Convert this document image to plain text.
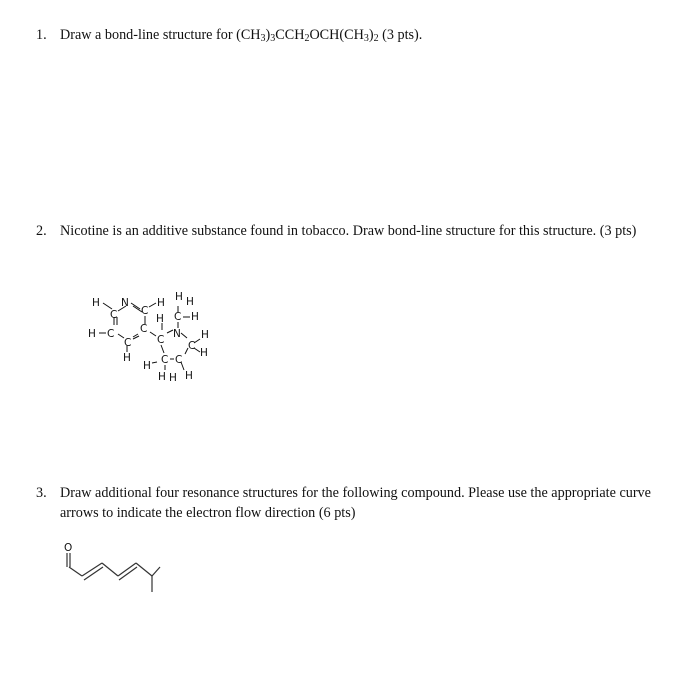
1. Draw a bond-line structure for $(CH_3)_3CCH_2OCH(CH_3)_2$ (3 pts).
2. Nicotine is an additive substance found in tobacco. Draw bond-line structure for this structure. (3 pts)
H N
C C
H H H
C H
H
H C C
C C N
C
H
H
H
H C C
H H H
3. Draw additional four resonance structures for the following compound. Please use the appropriate curve arrows to indicate the electron flow direction (6 pts)
O
